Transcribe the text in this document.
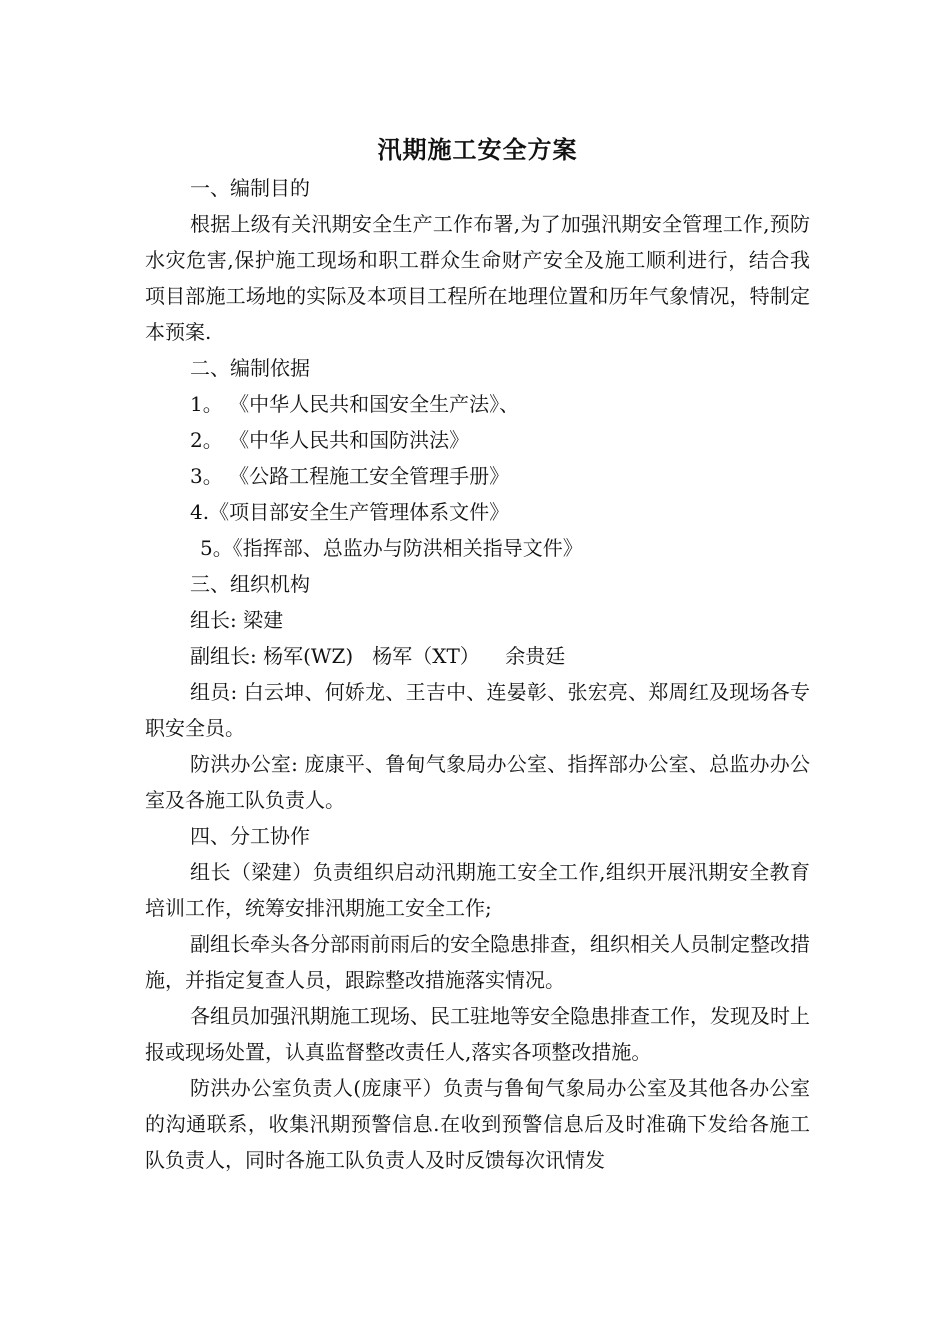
汛期施工安全方案

一、编制目的

根据上级有关汛期安全生产工作布署,为了加强汛期安全管理工作,预防水灾危害,保护施工现场和职工群众生命财产安全及施工顺利进行，结合我项目部施工场地的实际及本项目工程所在地理位置和历年气象情况，特制定本预案.

二、编制依据

1。 《中华人民共和国安全生产法》、

2。 《中华人民共和国防洪法》

3。 《公路工程施工安全管理手册》

4.《项目部安全生产管理体系文件》

5。《指挥部、总监办与防洪相关指导文件》

三、组织机构

组长: 梁建

副组长: 杨军(WZ)   杨军（XT）    余贵廷

组员: 白云坤、何娇龙、王吉中、连晏彰、张宏亮、郑周红及现场各专职安全员。

防洪办公室: 庞康平、鲁甸气象局办公室、指挥部办公室、总监办办公室及各施工队负责人。

四、分工协作

组长（梁建）负责组织启动汛期施工安全工作,组织开展汛期安全教育培训工作，统筹安排汛期施工安全工作;

副组长牵头各分部雨前雨后的安全隐患排查，组织相关人员制定整改措施，并指定复查人员，跟踪整改措施落实情况。

各组员加强汛期施工现场、民工驻地等安全隐患排查工作，发现及时上报或现场处置，认真监督整改责任人,落实各项整改措施。

防洪办公室负责人(庞康平）负责与鲁甸气象局办公室及其他各办公室的沟通联系，收集汛期预警信息.在收到预警信息后及时准确下发给各施工队负责人，同时各施工队负责人及时反馈每次讯情发
